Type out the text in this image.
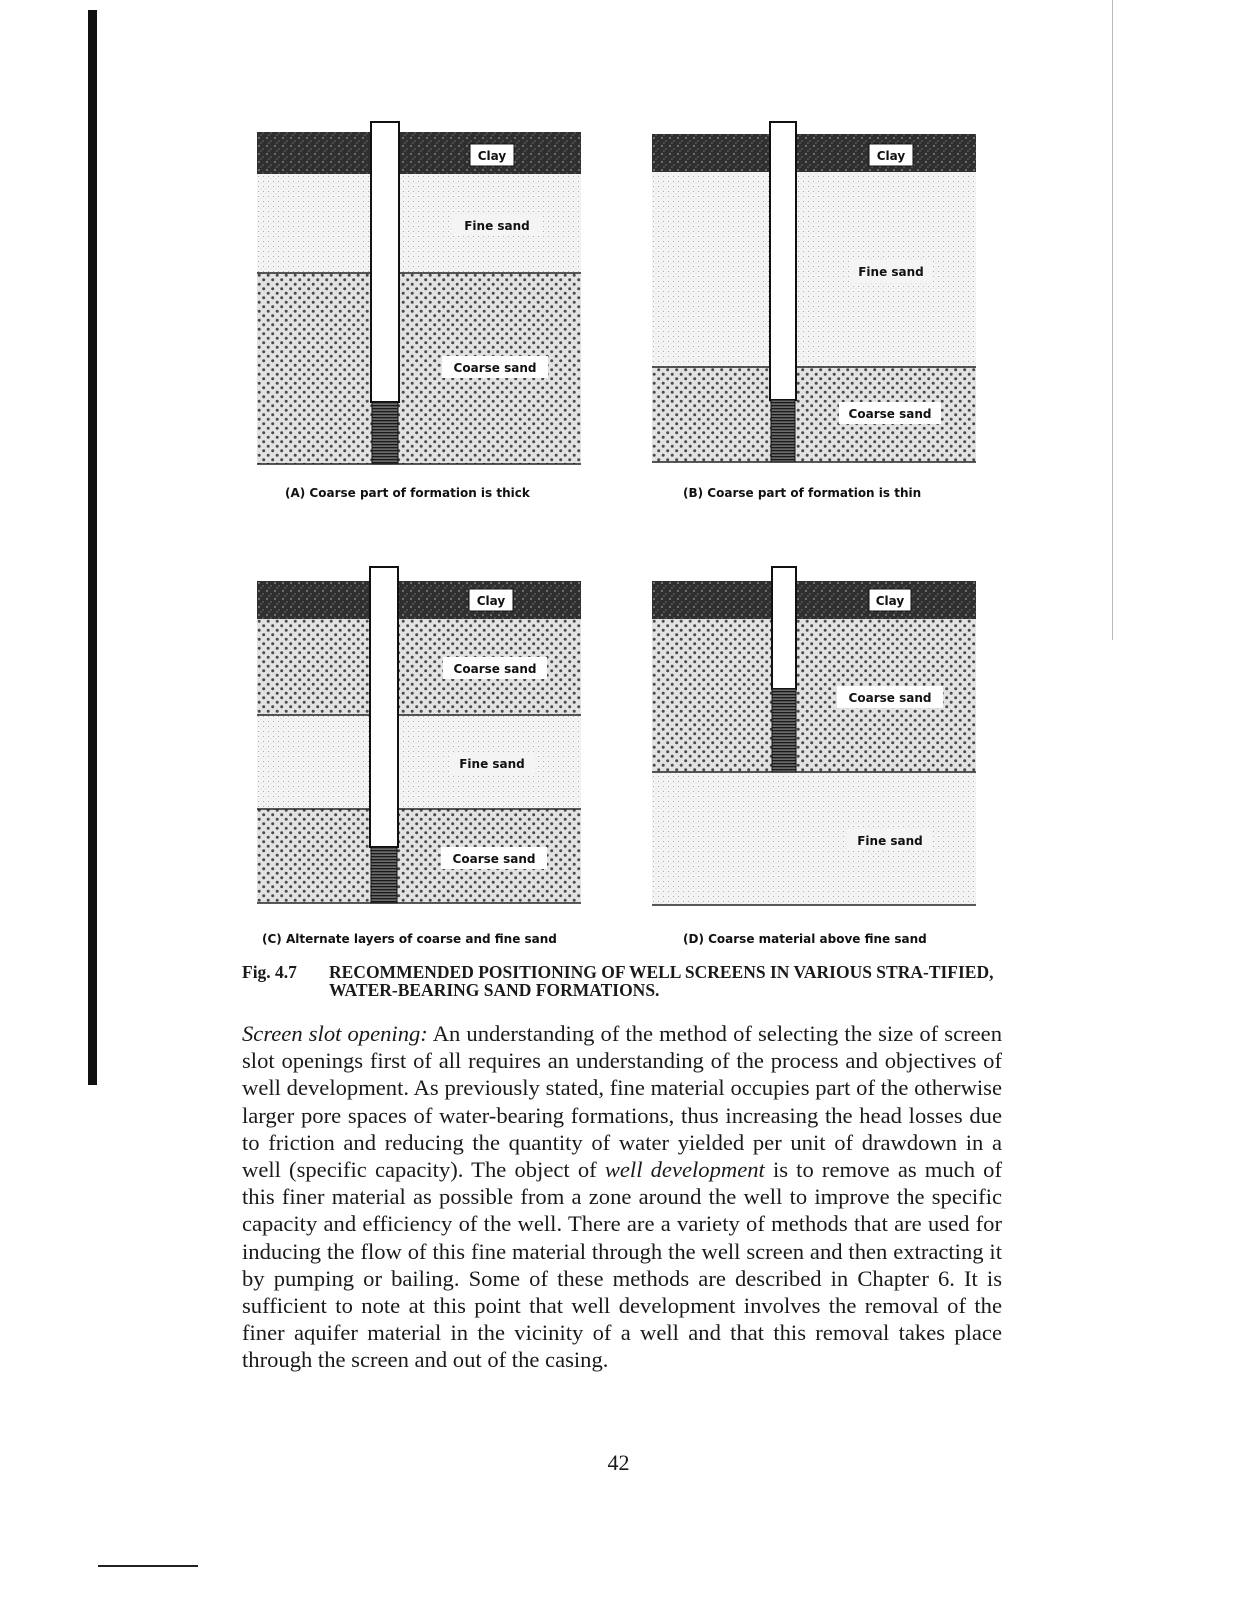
Clay
Fine sand
Coarse sand
(A) Coarse part of formation is thick
Clay
Fine sand
Coarse sand
(B) Coarse part of formation is thin
Clay
Coarse sand
Fine sand
Coarse sand
(C) Alternate layers of coarse and fine sand
Clay
Coarse sand
Fine sand
(D) Coarse material above fine sand
Fig. 4.7 RECOMMENDED POSITIONING OF WELL SCREENS IN VARIOUS STRA-TIFIED, WATER-BEARING SAND FORMATIONS.
Screen slot opening: An understanding of the method of selecting the size of screen slot openings first of all requires an understanding of the process and objectives of well development. As previously stated, fine material occupies part of the otherwise larger pore spaces of water-bearing formations, thus increasing the head losses due to friction and reducing the quantity of water yielded per unit of drawdown in a well (specific capacity). The object of well development is to remove as much of this finer material as possible from a zone around the well to improve the specific capacity and efficiency of the well. There are a variety of methods that are used for inducing the flow of this fine material through the well screen and then extracting it by pumping or bailing. Some of these methods are described in Chapter 6. It is sufficient to note at this point that well development involves the removal of the finer aquifer material in the vicinity of a well and that this removal takes place through the screen and out of the casing.
42
